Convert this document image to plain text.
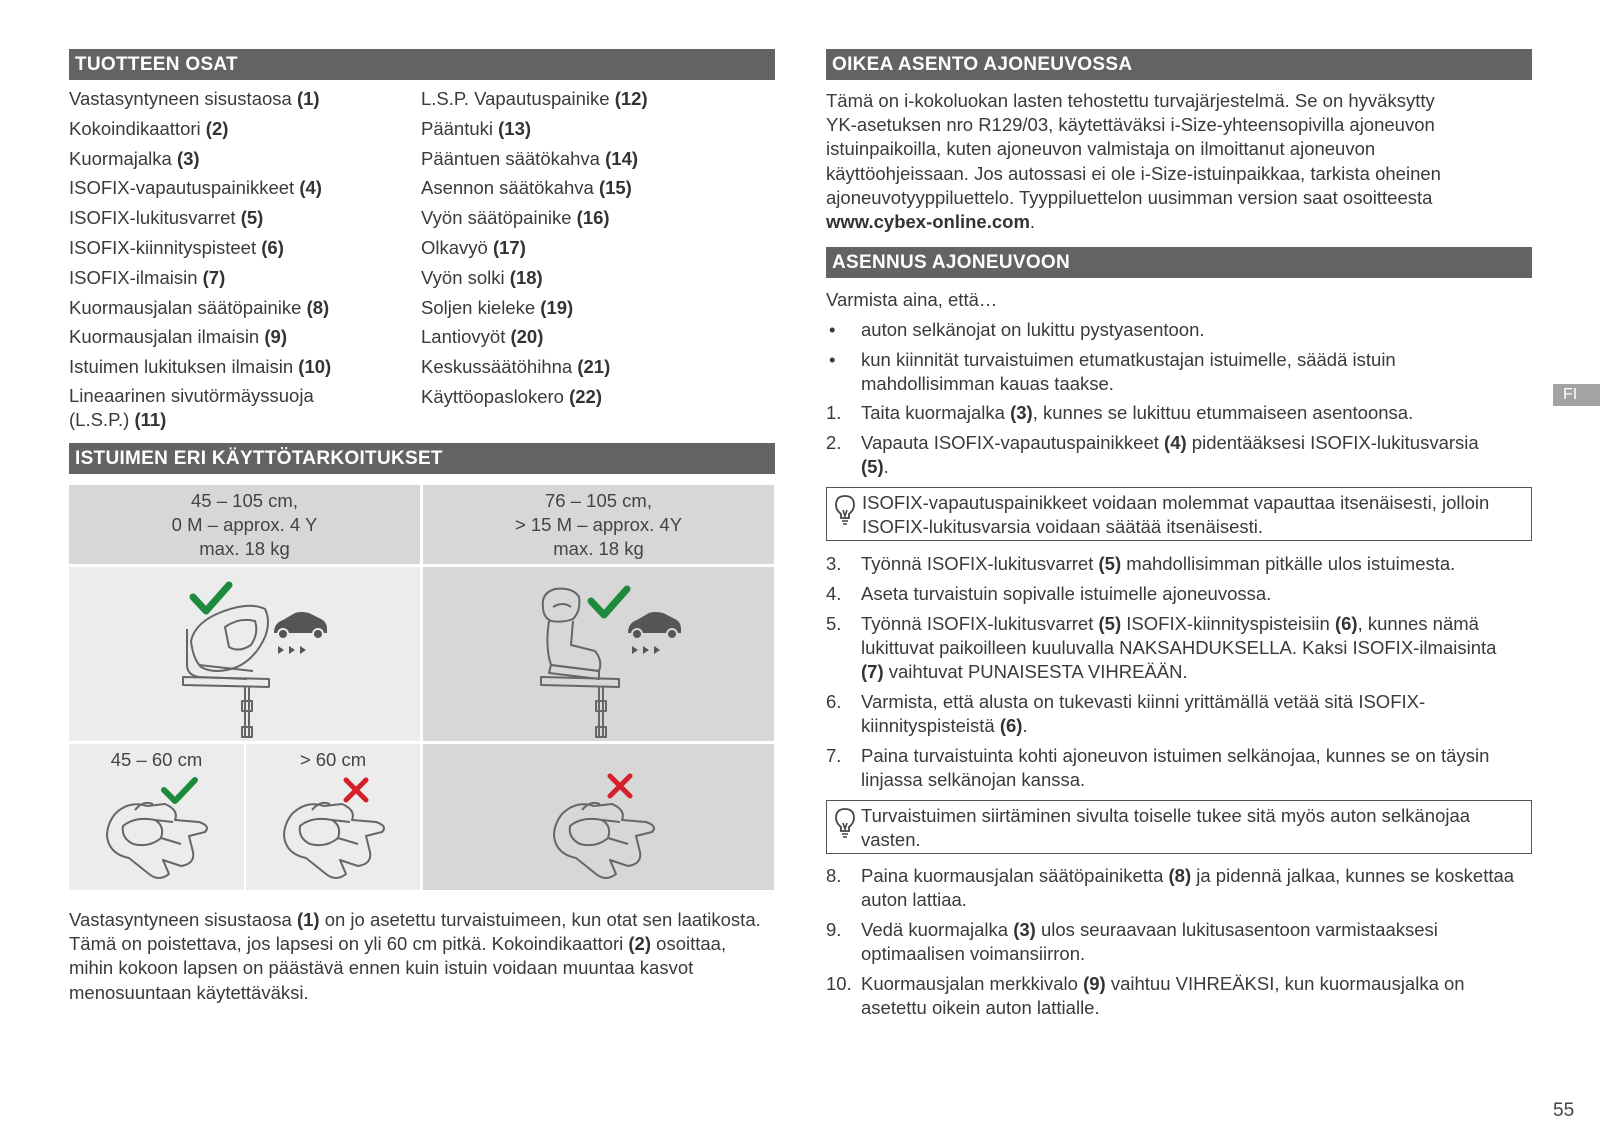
TUOTTEEN OSAT
Vastasyntyneen sisustaosa (1)
Kokoindikaattori (2)
Kuormajalka (3)
ISOFIX-vapautuspainikkeet (4)
ISOFIX-lukitusvarret (5)
ISOFIX-kiinnityspisteet (6)
ISOFIX-ilmaisin (7)
Kuormausjalan säätöpainike (8)
Kuormausjalan ilmaisin (9)
Istuimen lukituksen ilmaisin (10)
Lineaarinen sivutörmäyssuoja
(L.S.P.) (11)
L.S.P. Vapautuspainike (12)
Pääntuki (13)
Pääntuen säätökahva (14)
Asennon säätökahva (15)
Vyön säätöpainike (16)
Olkavyö (17)
Vyön solki (18)
Soljen kieleke (19)
Lantiovyöt (20)
Keskussäätöhihna (21)
Käyttöopaslokero (22)
ISTUIMEN ERI KÄYTTÖTARKOITUKSET
45 – 105 cm,
0 M – approx. 4 Y
max. 18 kg
76 – 105 cm,
> 15 M – approx. 4Y
max. 18 kg
45 – 60 cm	> 60 cm
Vastasyntyneen sisustaosa (1) on jo asetettu turvaistuimeen, kun otat sen laatikosta. Tämä on poistettava, jos lapsesi on yli 60 cm pitkä. Kokoindikaattori (2) osoittaa, mihin kokoon lapsen on päästävä ennen kuin istuin voidaan muuntaa kasvot menosuuntaan käytettäväksi.
OIKEA ASENTO AJONEUVOSSA
Tämä on i-kokoluokan lasten tehostettu turvajärjestelmä. Se on hyväksytty
YK-asetuksen nro R129/03, käytettäväksi i-Size-yhteensopivilla ajoneuvon
istuinpaikoilla, kuten ajoneuvon valmistaja on ilmoittanut ajoneuvon
käyttöohjeissaan. Jos autossasi ei ole i-Size-istuinpaikkaa, tarkista oheinen
ajoneuvotyyppiluettelo. Tyyppiluettelon uusimman version saat osoitteesta
www.cybex-online.com.
ASENNUS AJONEUVOON
Varmista aina, että…
• auton selkänojat on lukittu pystyasentoon.
• kun kiinnität turvaistuimen etumatkustajan istuimelle, säädä istuin
mahdollisimman kauas taakse.
1. Taita kuormajalka (3), kunnes se lukittuu etummaiseen asentoonsa.
2. Vapauta ISOFIX-vapautuspainikkeet (4) pidentääksesi ISOFIX-lukitusvarsia
(5).
ISOFIX-vapautuspainikkeet voidaan molemmat vapauttaa itsenäisesti, jolloin
ISOFIX-lukitusvarsia voidaan säätää itsenäisesti.
3. Työnnä ISOFIX-lukitusvarret (5) mahdollisimman pitkälle ulos istuimesta.
4. Aseta turvaistuin sopivalle istuimelle ajoneuvossa.
5. Työnnä ISOFIX-lukitusvarret (5) ISOFIX-kiinnityspisteisiin (6), kunnes nämä
lukittuvat paikoilleen kuuluvalla NAKSAHDUKSELLA. Kaksi ISOFIX-ilmaisinta
(7) vaihtuvat PUNAISESTA VIHREÄÄN.
6. Varmista, että alusta on tukevasti kiinni yrittämällä vetää sitä ISOFIX-
kiinnityspisteistä (6).
7. Paina turvaistuinta kohti ajoneuvon istuimen selkänojaa, kunnes se on täysin
linjassa selkänojan kanssa.
Turvaistuimen siirtäminen sivulta toiselle tukee sitä myös auton selkänojaa vasten.
8. Paina kuormausjalan säätöpainiketta (8) ja pidennä jalkaa, kunnes se koskettaa
auton lattiaa.
9. Vedä kuormajalka (3) ulos seuraavaan lukitusasentoon varmistaaksesi
optimaalisen voimansiirron.
10. Kuormausjalan merkkivalo (9) vaihtuu VIHREÄKSI, kun kuormausjalka on
asetettu oikein auton lattialle.
FI
55
